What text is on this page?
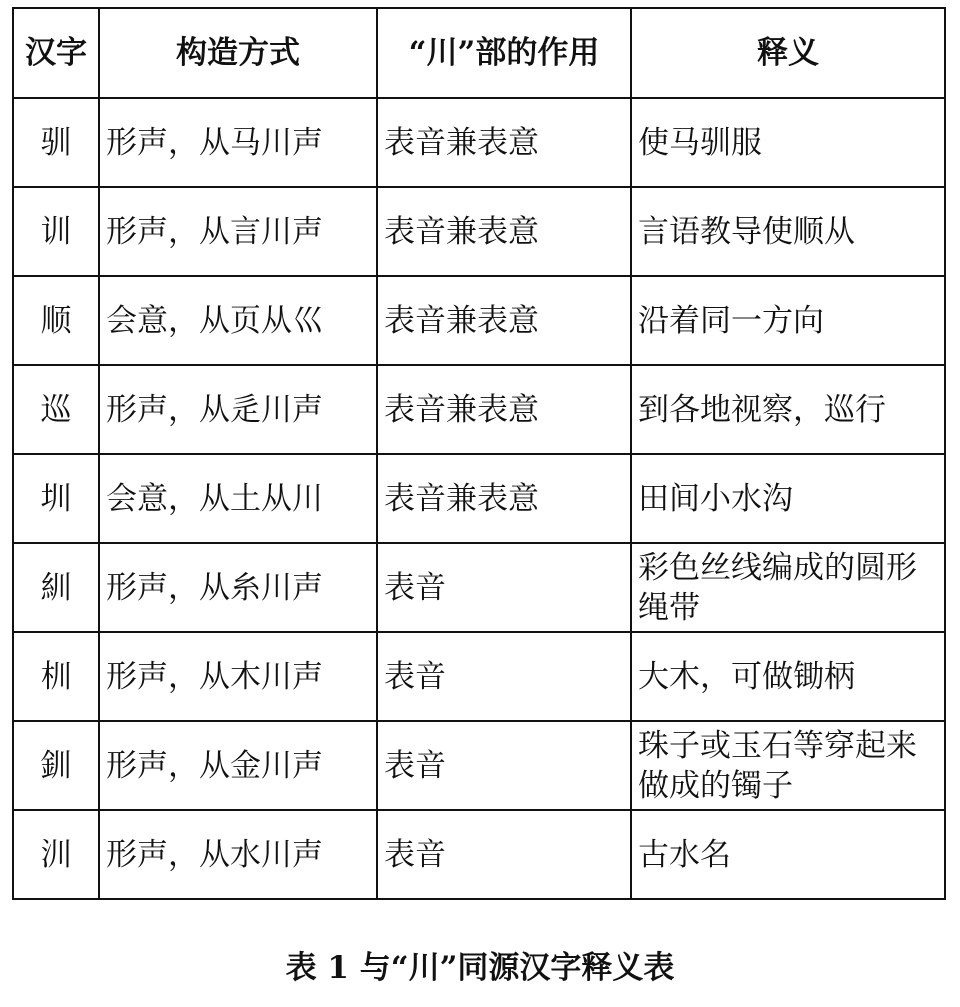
汉字	构造方式	“川”部的作用	释义
驯	形声，从马川声	表音兼表意	使马驯服
训	形声，从言川声	表音兼表意	言语教导使顺从
顺	会意，从页从巛	表音兼表意	沿着同一方向
巡	形声，从辵川声	表音兼表意	到各地视察，巡行
圳	会意，从土从川	表音兼表意	田间小水沟
紃	形声，从糸川声	表音	彩色丝线编成的圆形绳带
杊	形声，从木川声	表音	大木，可做锄柄
釧	形声，从金川声	表音	珠子或玉石等穿起来做成的镯子
汌	形声，从水川声	表音	古水名
表 1 与“川”同源汉字释义表
